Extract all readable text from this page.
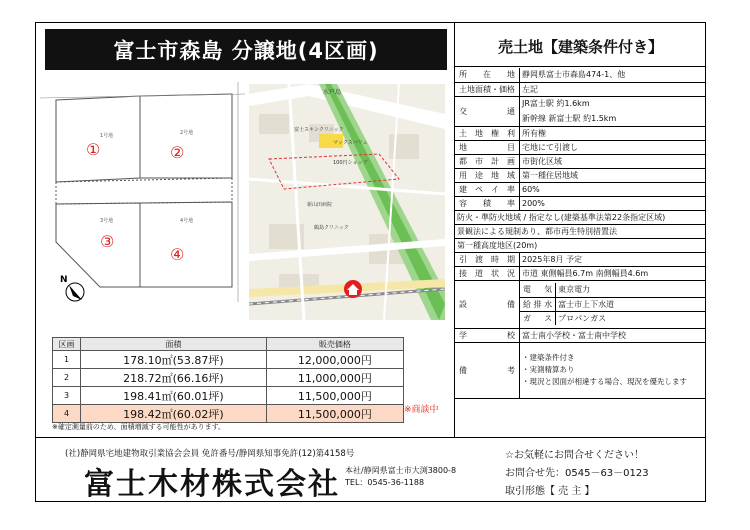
富士市森島 分譲地(4区画)
1号地	2号地
3号地	4号地
①	②
③
④
N
水戸島
マックスバリュ
100円ショップ
富士スキンクリニック
鶴島クリニック
新山田病院
売土地【建築条件付き】
所 在 地	静岡県富士市森島474-1、他
土地面積・価格	左記
交 通	JR富士駅 約1.6km
新幹線 新富士駅 約1.5km
土 地 権 利	所有権
地 目	宅地にて引渡し
都 市 計 画	市街化区域
用 途 地 域	第一種住居地域
建 ペ イ 率	60%
容 積 率	200%
防火・準防火地域 / 指定なし(建築基準法第22条指定区域)
景観法による規制あり、都市再生特別措置法
第一種高度地区(20m)
引 渡 時 期	2025年8月 予定
接 道 状 況	市道 東側幅員6.7m 南側幅員4.6m
設 備	
電 気	東京電力
給 排 水	富士市上下水道
ガ ス	プロパンガス

学 校	富士南小学校・富士南中学校
備 考	
・建築条件付き
・実測精算あり
・現況と図面が相違する場合、現況を優先します
区画	面積	販売価格
1	178.10㎡(53.87坪)	12,000,000円
2	218.72㎡(66.16坪)	11,000,000円
3	198.41㎡(60.01坪)	11,500,000円
4	198.42㎡(60.02坪)	11,500,000円	※商談中
※確定測量前のため、面積増減する可能性があります。
(社)静岡県宅地建物取引業協会会員 免許番号/静岡県知事免許(12)第4158号
富士木材株式会社 本社/静岡県富士市大渕3800-8
TEL：0545-36-1188
☆お気軽にお問合せください！
お問合せ先：0545－63－0123
取引形態【 売 主 】
